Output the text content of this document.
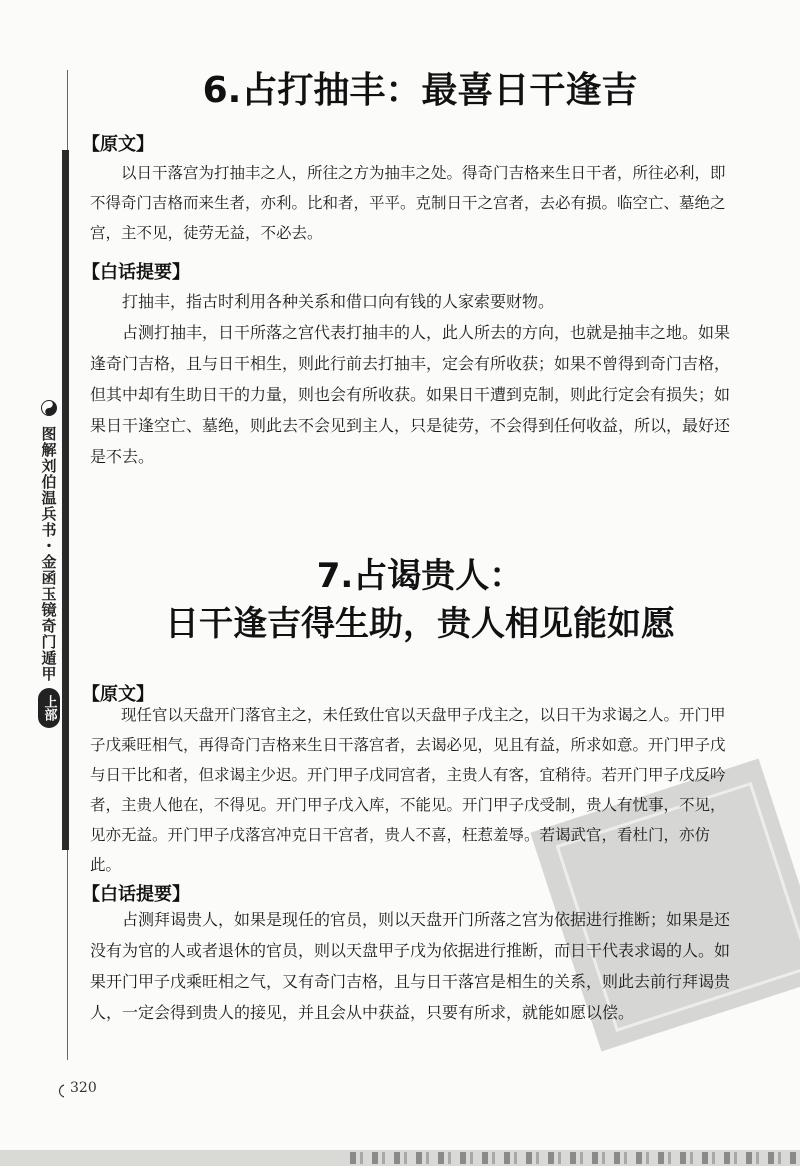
图解刘伯温兵书・金函玉镜奇门遁甲
上部
6.占打抽丰：最喜日干逢吉
【原文】

以日干落宫为打抽丰之人，所往之方为抽丰之处。得奇门吉格来生日干者，所往必利，即不得奇门吉格而来生者，亦利。比和者，平平。克制日干之宫者，去必有损。临空亡、墓绝之宫，主不见，徒劳无益，不必去。

【白话提要】

打抽丰，指古时利用各种关系和借口向有钱的人家索要财物。

占测打抽丰，日干所落之宫代表打抽丰的人，此人所去的方向，也就是抽丰之地。如果逢奇门吉格，且与日干相生，则此行前去打抽丰，定会有所收获；如果不曾得到奇门吉格，但其中却有生助日干的力量，则也会有所收获。如果日干遭到克制，则此行定会有损失；如果日干逢空亡、墓绝，则此去不会见到主人，只是徒劳，不会得到任何收益，所以，最好还是不去。

7.占谒贵人：
日干逢吉得生助，贵人相见能如愿
【原文】

现任官以天盘开门落官主之，未任致仕官以天盘甲子戊主之，以日干为求谒之人。开门甲子戊乘旺相气，再得奇门吉格来生日干落宫者，去谒必见，见且有益，所求如意。开门甲子戊与日干比和者，但求谒主少迟。开门甲子戊同宫者，主贵人有客，宜稍待。若开门甲子戊反吟者，主贵人他在，不得见。开门甲子戊入库，不能见。开门甲子戊受制，贵人有忧事，不见，见亦无益。开门甲子戊落宫冲克日干宫者，贵人不喜，枉惹羞辱。若谒武官，看杜门，亦仿此。

【白话提要】

占测拜谒贵人，如果是现任的官员，则以天盘开门所落之宫为依据进行推断；如果是还没有为官的人或者退休的官员，则以天盘甲子戊为依据进行推断，而日干代表求谒的人。如果开门甲子戊乘旺相之气，又有奇门吉格，且与日干落宫是相生的关系，则此去前行拜谒贵人，一定会得到贵人的接见，并且会从中获益，只要有所求，就能如愿以偿。

320
